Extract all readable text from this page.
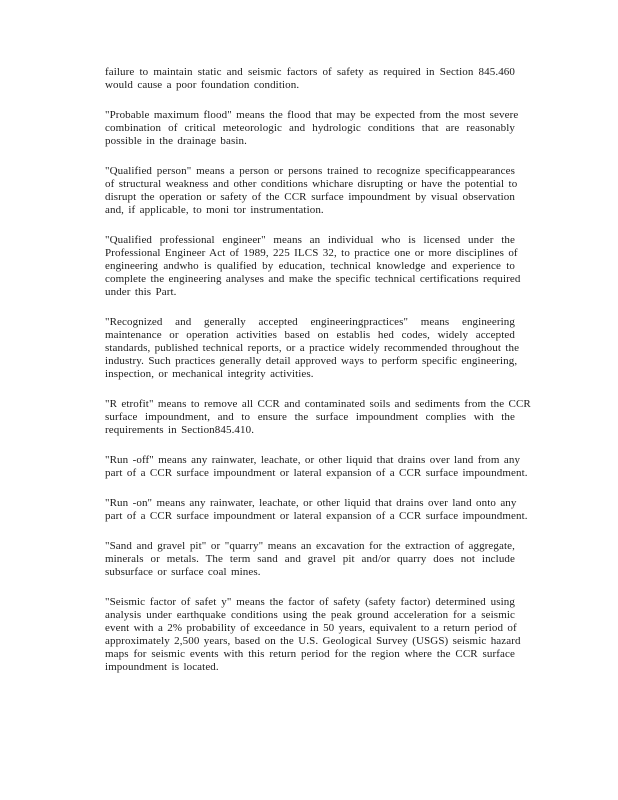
failure to maintain static and seismic factors of safety as required in Section 845.460
would cause a poor foundation condition.
"Probable maximum flood" means the flood that may be expected from the most severe
combination of critical meteorologic and hydrologic conditions that are reasonably
possible in the drainage basin.
"Qualified person" means a person or persons trained to recognize specificappearances
of structural weakness and other conditions whichare disrupting or have the potential to
disrupt the operation or safety of the CCR surface impoundment by visual observation
and, if applicable, to moni tor instrumentation.
"Qualified professional engineer" means an individual who is licensed under the
Professional Engineer Act of 1989, 225 ILCS 32, to practice one or more disciplines of
engineering andwho is qualified by education, technical knowledge and experience to
complete the engineering analyses and make the specific technical certifications required
under this Part.
"Recognized and generally accepted engineeringpractices" means engineering
maintenance or operation activities based on establis hed codes, widely accepted
standards, published technical reports, or a practice widely recommended throughout the
industry. Such practices generally detail approved ways to perform specific engineering,
inspection, or mechanical integrity activities.
"R etrofit" means to remove all CCR and contaminated soils and sediments from the CCR
surface impoundment, and to ensure the surface impoundment complies with the
requirements in Section845.410.
"Run -off" means any rainwater, leachate, or other liquid that drains over land from any
part of a CCR surface impoundment or lateral expansion of a CCR surface impoundment.
"Run -on" means any rainwater, leachate, or other liquid that drains over land onto any
part of a CCR surface impoundment or lateral expansion of a CCR surface impoundment.
"Sand and gravel pit" or "quarry" means an excavation for the extraction of aggregate,
minerals or metals. The term sand and gravel pit and/or quarry does not include
subsurface or surface coal mines.
"Seismic factor of safet y" means the factor of safety (safety factor) determined using
analysis under earthquake conditions using the peak ground acceleration for a seismic
event with a 2% probability of exceedance in 50 years, equivalent to a return period of
approximately 2,500 years, based on the U.S. Geological Survey (USGS) seismic hazard
maps for seismic events with this return period for the region where the CCR surface
impoundment is located.
